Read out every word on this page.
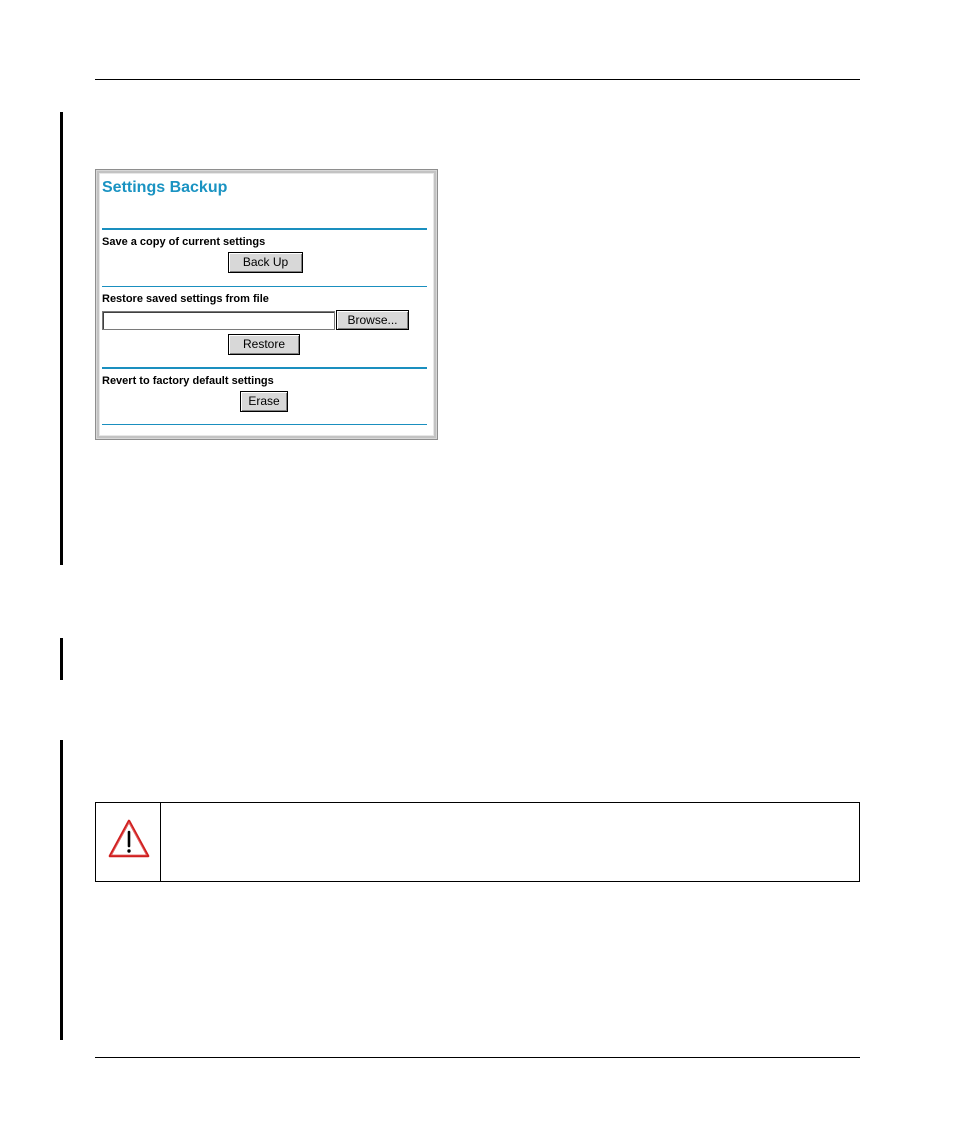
Settings Backup
Save a copy of current settings
Back Up
Restore saved settings from file
Browse...
Restore
Revert to factory default settings
Erase
